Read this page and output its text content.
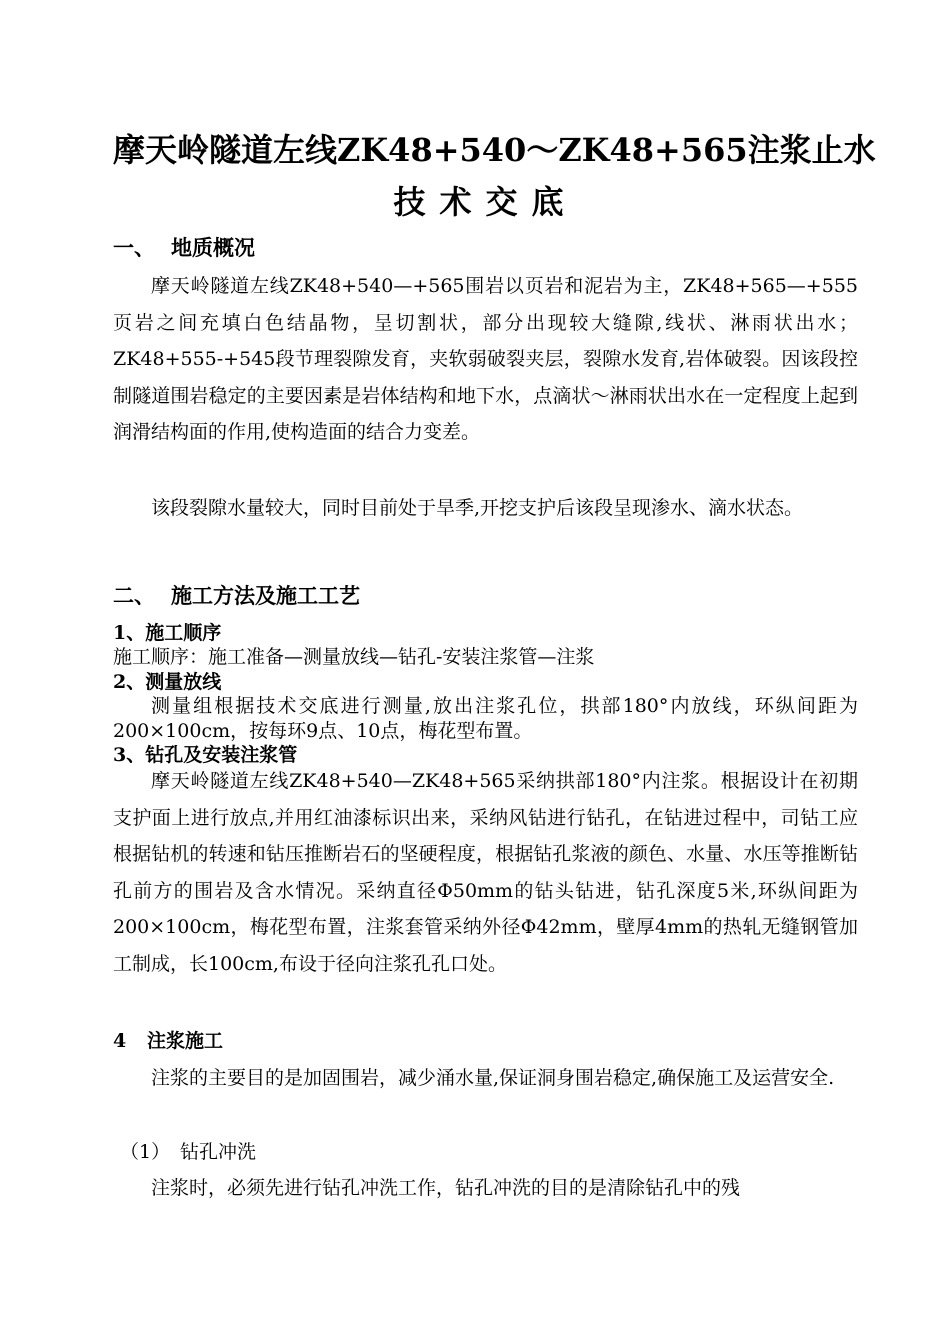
摩天岭隧道左线ZK48+540～ZK48+565注浆止水
技术交底
一、 地质概况

摩天岭隧道左线ZK48+540—+565围岩以页岩和泥岩为主，ZK48+565—+555页岩之间充填白色结晶物，呈切割状，部分出现较大缝隙,线状、淋雨状出水；ZK48+555-+545段节理裂隙发育，夹软弱破裂夹层，裂隙水发育,岩体破裂。因该段控制隧道围岩稳定的主要因素是岩体结构和地下水，点滴状～淋雨状出水在一定程度上起到润滑结构面的作用,使构造面的结合力变差。

该段裂隙水量较大，同时目前处于旱季,开挖支护后该段呈现渗水、滴水状态。

二、 施工方法及施工工艺
1、施工顺序

施工顺序：施工准备—测量放线—钻孔-安装注浆管—注浆

2、测量放线

测量组根据技术交底进行测量,放出注浆孔位，拱部180°内放线，环纵间距为200×100cm，按每环9点、10点，梅花型布置。

3、钻孔及安装注浆管

摩天岭隧道左线ZK48+540—ZK48+565采纳拱部180°内注浆。根据设计在初期支护面上进行放点,并用红油漆标识出来，采纳风钻进行钻孔，在钻进过程中，司钻工应根据钻机的转速和钻压推断岩石的坚硬程度，根据钻孔浆液的颜色、水量、水压等推断钻孔前方的围岩及含水情况。采纳直径Φ50mm的钻头钻进，钻孔深度5米,环纵间距为200×100cm，梅花型布置，注浆套管采纳外径Φ42mm，壁厚4mm的热轧无缝钢管加工制成，长100cm,布设于径向注浆孔孔口处。

4 注浆施工

注浆的主要目的是加固围岩，减少涌水量,保证洞身围岩稳定,确保施工及运营安全.

（1） 钻孔冲洗

注浆时，必须先进行钻孔冲洗工作，钻孔冲洗的目的是清除钻孔中的残
